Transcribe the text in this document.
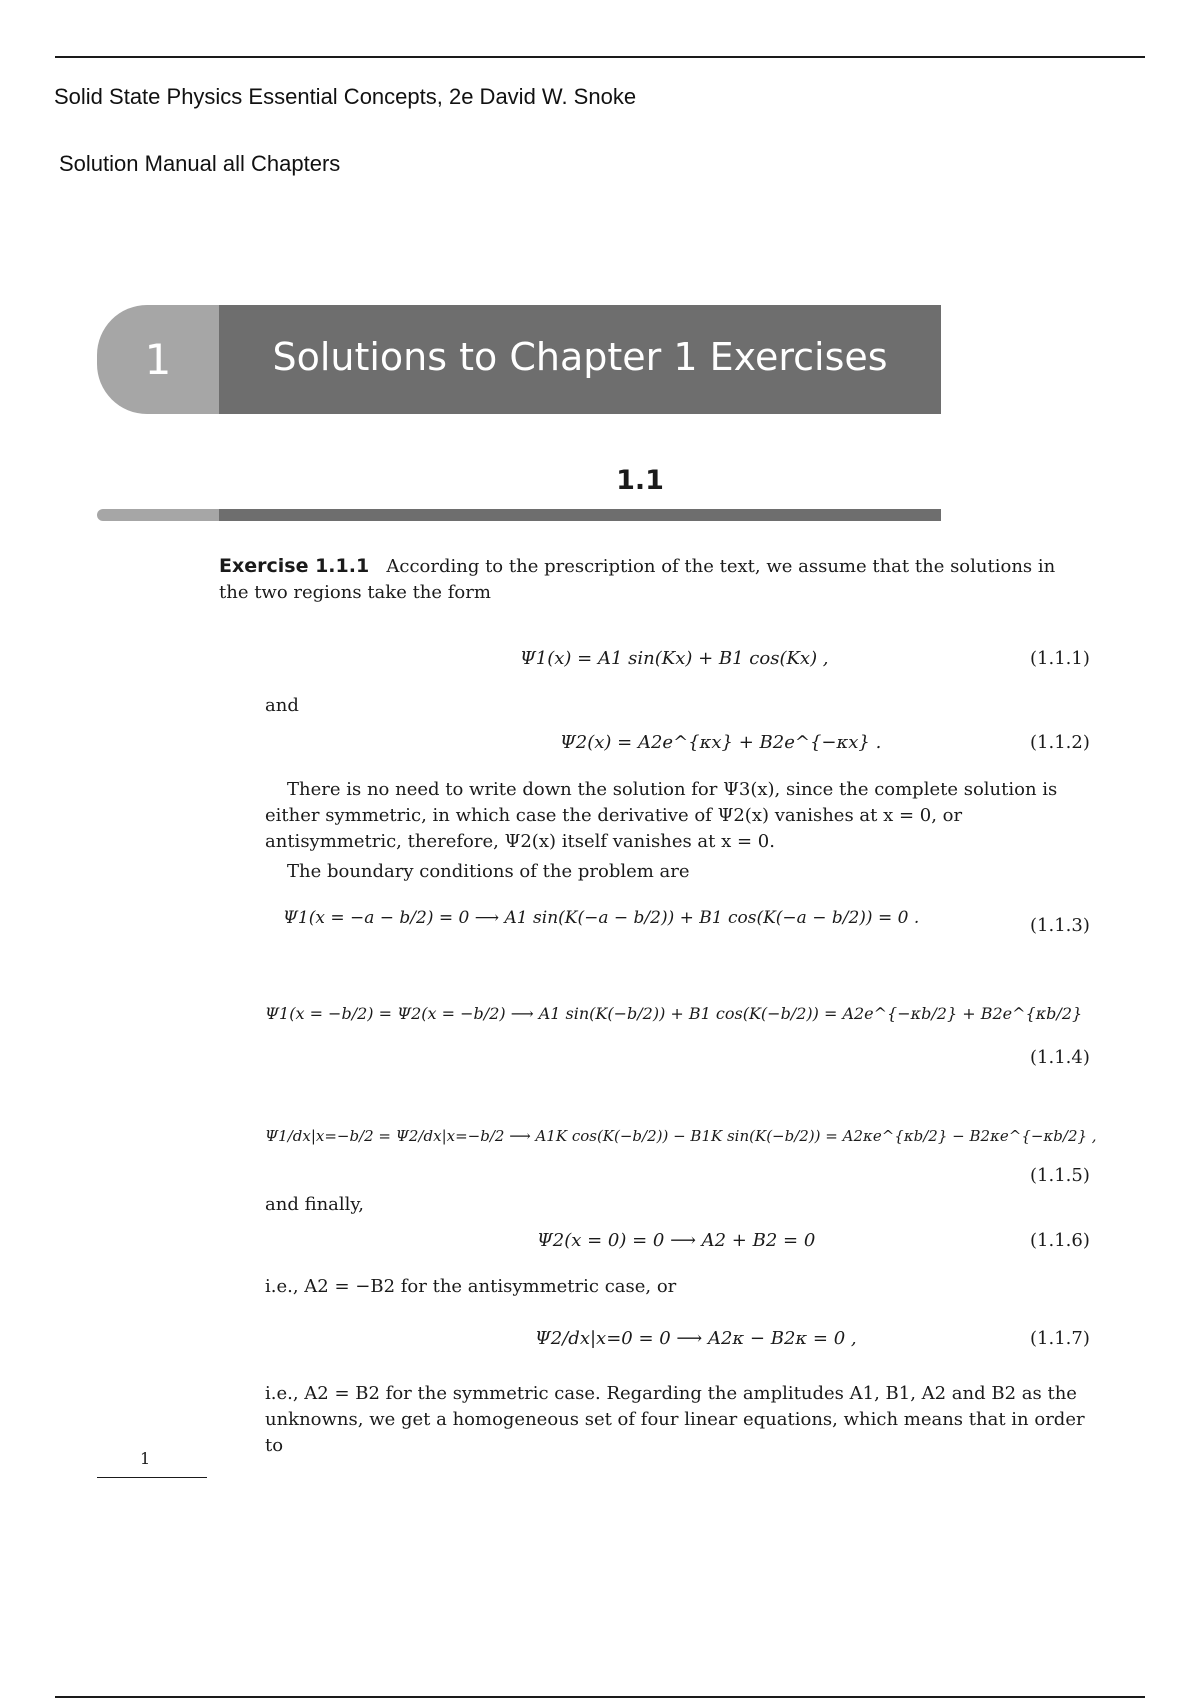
Solid State Physics Essential Concepts, 2e David W. Snoke
Solution Manual all Chapters
1	Solutions to Chapter 1 Exercises
1.1
Exercise 1.1.1 According to the prescription of the text, we assume that the solutions in the two regions take the form
Ψ1(x) = A1 sin(Kx) + B1 cos(Kx) ,	(1.1.1)
and
Ψ2(x) = A2e^{κx} + B2e^{−κx} .	(1.1.2)
There is no need to write down the solution for Ψ3(x), since the complete solution is either symmetric, in which case the derivative of Ψ2(x) vanishes at x = 0, or antisymmetric, therefore, Ψ2(x) itself vanishes at x = 0.
The boundary conditions of the problem are
Ψ1(x = −a − b/2) = 0 ⟶ A1 sin(K(−a − b/2)) + B1 cos(K(−a − b/2)) = 0 .	(1.1.3)
Ψ1(x = −b/2) = Ψ2(x = −b/2) ⟶ A1 sin(K(−b/2)) + B1 cos(K(−b/2)) = A2e^{−κb/2} + B2e^{κb/2}
(1.1.4)
Ψ1/dx|x=−b/2 = Ψ2/dx|x=−b/2 ⟶ A1K cos(K(−b/2)) − B1K sin(K(−b/2)) = A2κe^{κb/2} − B2κe^{−κb/2} ,
(1.1.5)
and finally,
Ψ2(x = 0) = 0 ⟶ A2 + B2 = 0	(1.1.6)
i.e., A2 = −B2 for the antisymmetric case, or
Ψ2/dx|x=0 = 0 ⟶ A2κ − B2κ = 0 ,	(1.1.7)
i.e., A2 = B2 for the symmetric case. Regarding the amplitudes A1, B1, A2 and B2 as the unknowns, we get a homogeneous set of four linear equations, which means that in order to
1
